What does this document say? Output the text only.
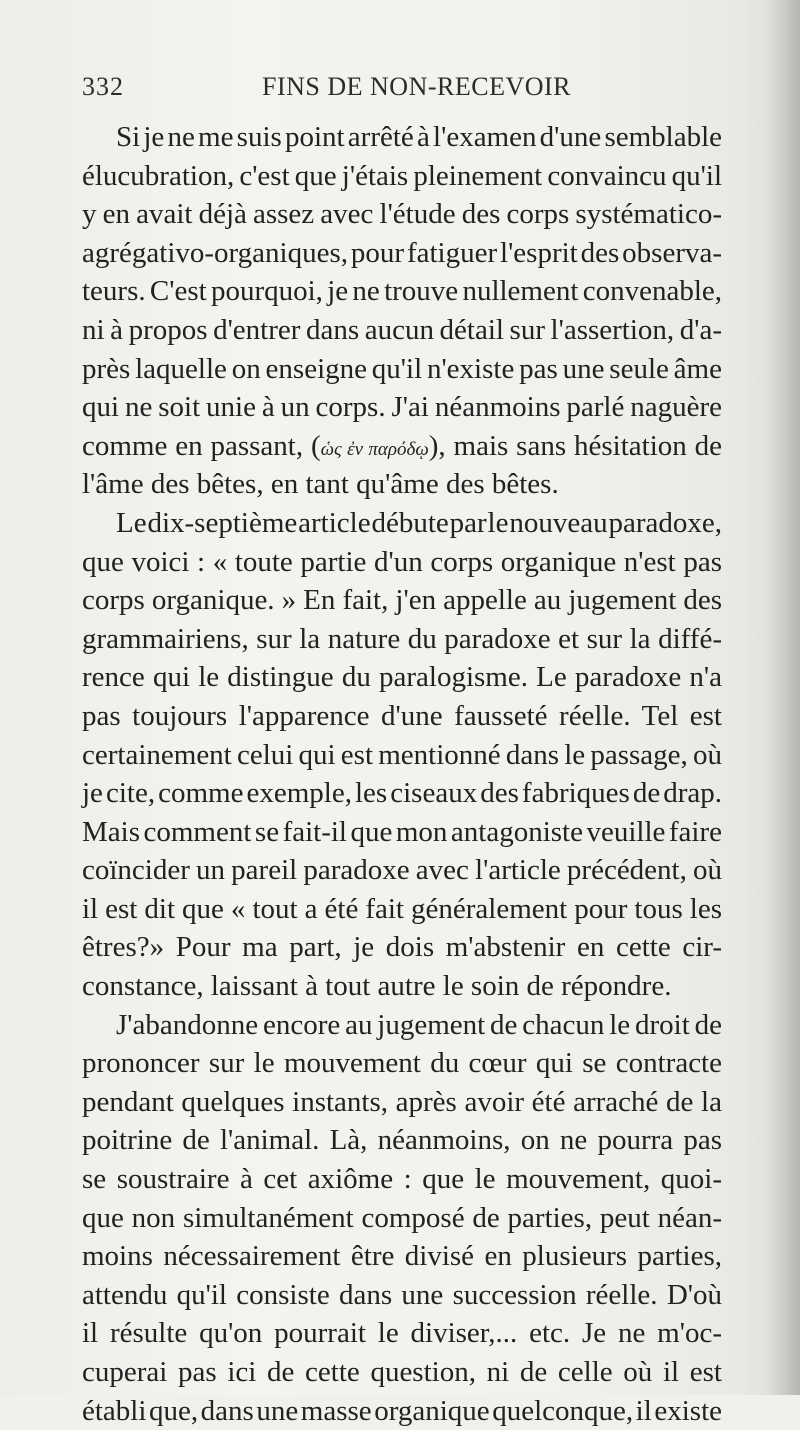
332	FINS DE NON-RECEVOIR
Si je ne me suis point arrêté à l'examen d'une semblable
élucubration, c'est que j'étais pleinement convaincu qu'il
y en avait déjà assez avec l'étude des corps systématico-
agrégativo-organiques, pour fatiguer l'esprit des observa-
teurs. C'est pourquoi, je ne trouve nullement convenable,
ni à propos d'entrer dans aucun détail sur l'assertion, d'a-
près laquelle on enseigne qu'il n'existe pas une seule âme
qui ne soit unie à un corps. J'ai néanmoins parlé naguère
comme en passant, (ὡς ἐν παρόδῳ), mais sans hésitation de
l'âme des bêtes, en tant qu'âme des bêtes.
Le dix-septième article débute par le nouveau paradoxe,
que voici : « toute partie d'un corps organique n'est pas
corps organique. » En fait, j'en appelle au jugement des
grammairiens, sur la nature du paradoxe et sur la diffé-
rence qui le distingue du paralogisme. Le paradoxe n'a
pas toujours l'apparence d'une fausseté réelle. Tel est
certainement celui qui est mentionné dans le passage, où
je cite, comme exemple, les ciseaux des fabriques de drap.
Mais comment se fait-il que mon antagoniste veuille faire
coïncider un pareil paradoxe avec l'article précédent, où
il est dit que « tout a été fait généralement pour tous les
êtres?» Pour ma part, je dois m'abstenir en cette cir-
constance, laissant à tout autre le soin de répondre.
J'abandonne encore au jugement de chacun le droit de
prononcer sur le mouvement du cœur qui se contracte
pendant quelques instants, après avoir été arraché de la
poitrine de l'animal. Là, néanmoins, on ne pourra pas
se soustraire à cet axiôme : que le mouvement, quoi-
que non simultanément composé de parties, peut néan-
moins nécessairement être divisé en plusieurs parties,
attendu qu'il consiste dans une succession réelle. D'où
il résulte qu'on pourrait le diviser,... etc. Je ne m'oc-
cuperai pas ici de cette question, ni de celle où il est
établi que, dans une masse organique quelconque, il existe
